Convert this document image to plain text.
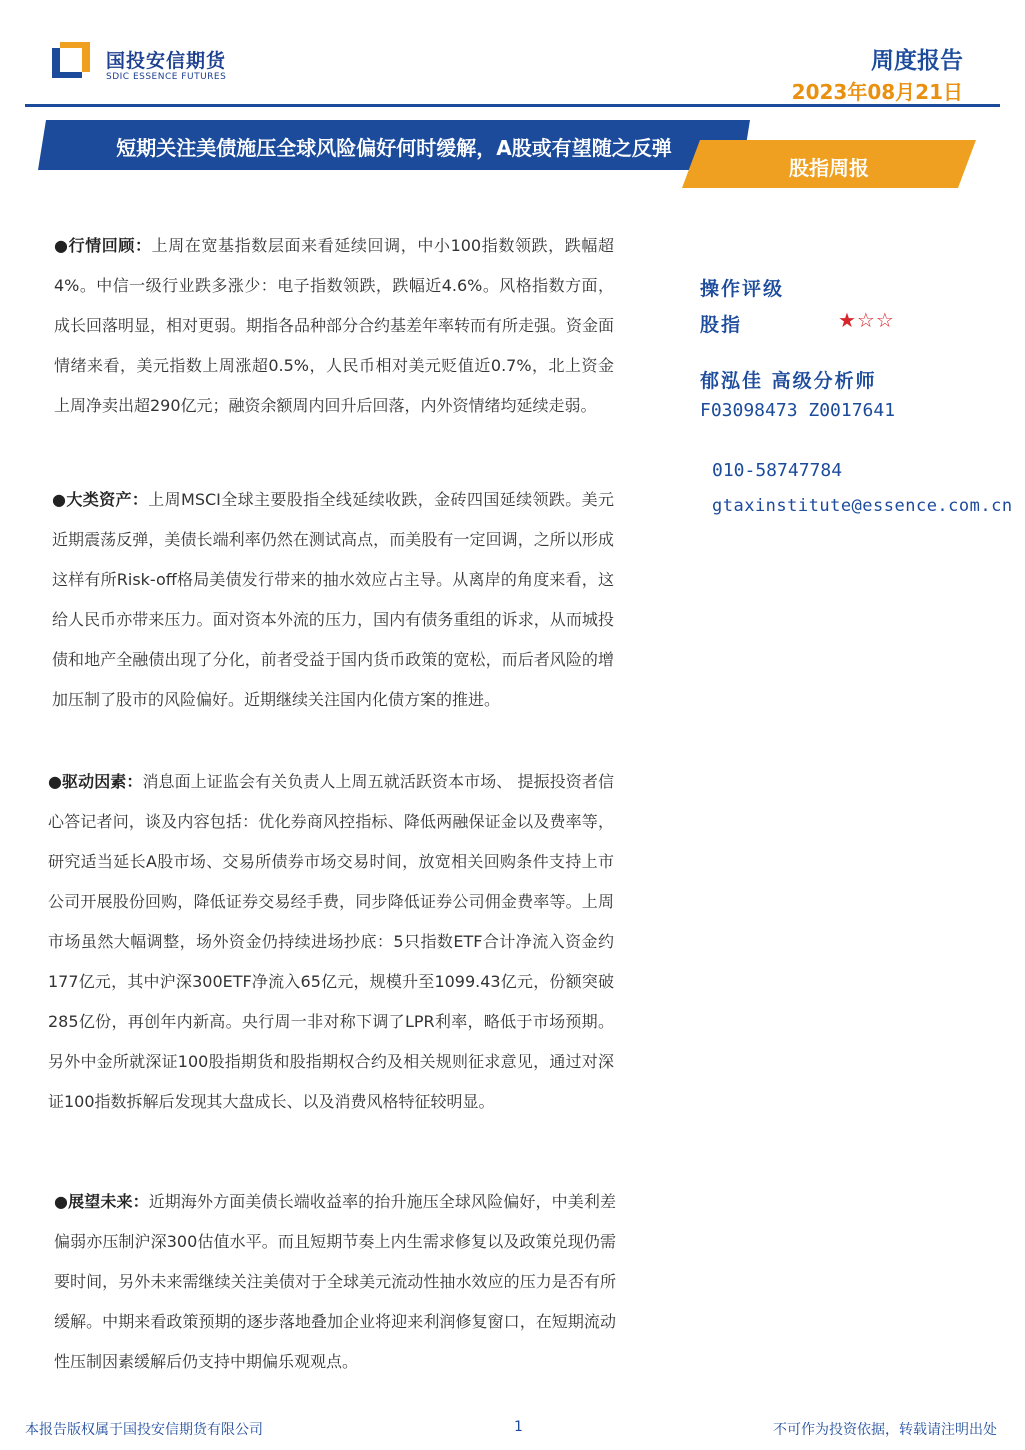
国投安信期货
SDIC ESSENCE FUTURES
周度报告
2023年08月21日
短期关注美债施压全球风险偏好何时缓解，A股或有望随之反弹
股指周报

●行情回顾：上周在宽基指数层面来看延续回调，中小100指数领跌，跌幅超4%。中信一级行业跌多涨少：电子指数领跌，跌幅近4.6%。风格指数方面，成长回落明显，相对更弱。期指各品种部分合约基差年率转而有所走强。资金面情绪来看，美元指数上周涨超0.5%，人民币相对美元贬值近0.7%，北上资金上周净卖出超290亿元；融资余额周内回升后回落，内外资情绪均延续走弱。

●大类资产：上周MSCI全球主要股指全线延续收跌，金砖四国延续领跌。美元近期震荡反弹，美债长端利率仍然在测试高点，而美股有一定回调，之所以形成这样有所Risk-off格局美债发行带来的抽水效应占主导。从离岸的角度来看，这给人民币亦带来压力。面对资本外流的压力，国内有债务重组的诉求，从而城投债和地产全融债出现了分化，前者受益于国内货币政策的宽松，而后者风险的增加压制了股市的风险偏好。近期继续关注国内化债方案的推进。

●驱动因素：消息面上证监会有关负责人上周五就活跃资本市场、 提振投资者信心答记者问，谈及内容包括：优化券商风控指标、降低两融保证金以及费率等，研究适当延长A股市场、交易所债券市场交易时间，放宽相关回购条件支持上市公司开展股份回购，降低证券交易经手费，同步降低证券公司佣金费率等。上周市场虽然大幅调整，场外资金仍持续进场抄底：5只指数ETF合计净流入资金约177亿元，其中沪深300ETF净流入65亿元，规模升至1099.43亿元，份额突破285亿份，再创年内新高。央行周一非对称下调了LPR利率，略低于市场预期。另外中金所就深证100股指期货和股指期权合约及相关规则征求意见，通过对深证100指数拆解后发现其大盘成长、以及消费风格特征较明显。

●展望未来：近期海外方面美债长端收益率的抬升施压全球风险偏好，中美利差偏弱亦压制沪深300估值水平。而且短期节奏上内生需求修复以及政策兑现仍需要时间，另外未来需继续关注美债对于全球美元流动性抽水效应的压力是否有所缓解。中期来看政策预期的逐步落地叠加企业将迎来利润修复窗口，在短期流动性压制因素缓解后仍支持中期偏乐观观点。

操作评级
股指	★☆☆
郁泓佳 高级分析师
F03098473 Z0017641
010-58747784
gtaxinstitute@essence.com.cn
本报告版权属于国投安信期货有限公司	1	不可作为投资依据，转载请注明出处
